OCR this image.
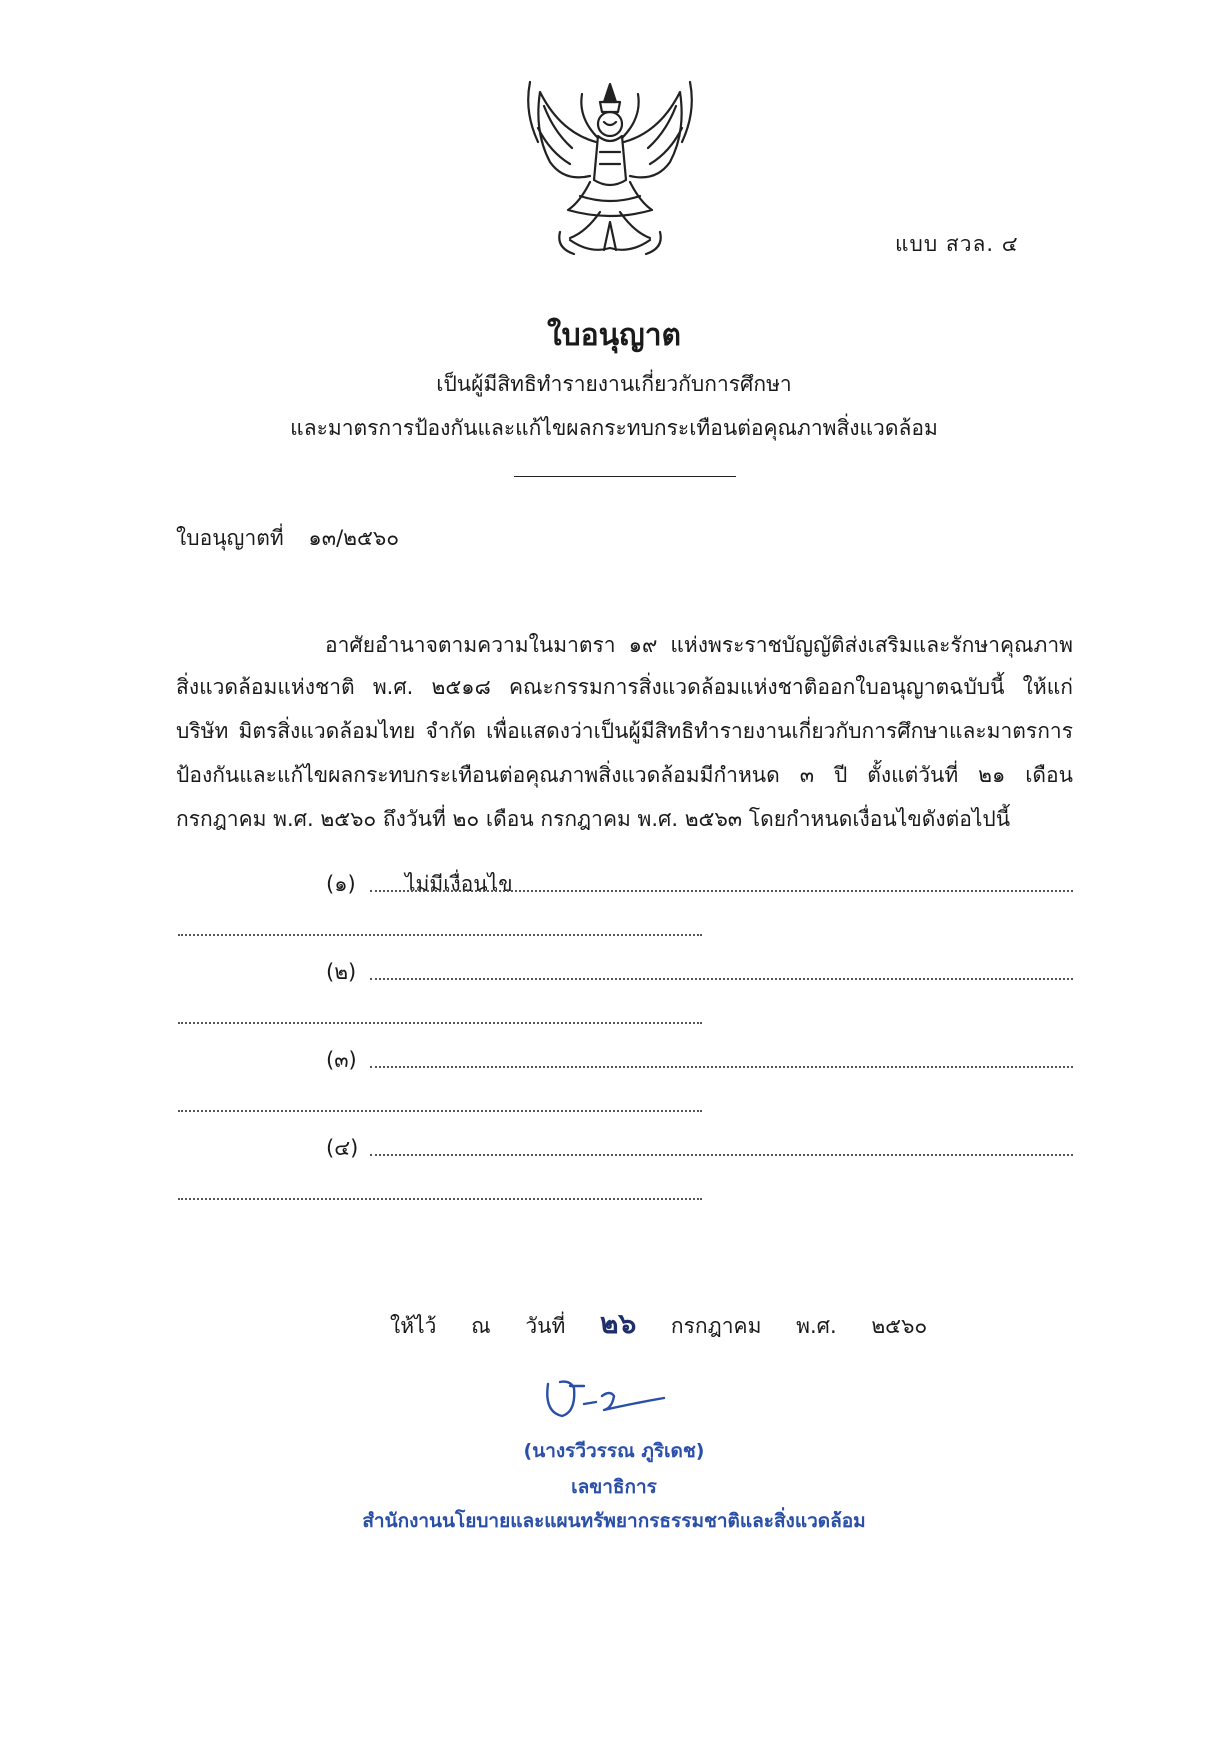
แบบ สวล. ๔
ใบอนุญาต
เป็นผู้มีสิทธิทำรายงานเกี่ยวกับการศึกษา
และมาตรการป้องกันและแก้ไขผลกระทบกระเทือนต่อคุณภาพสิ่งแวดล้อม
ใบอนุญาตที่ ๑๓/๒๕๖๐
อาศัยอำนาจตามความในมาตรา ๑๙ แห่งพระราชบัญญัติส่งเสริมและรักษาคุณภาพ
สิ่งแวดล้อมแห่งชาติ พ.ศ. ๒๕๑๘ คณะกรรมการสิ่งแวดล้อมแห่งชาติออกใบอนุญาตฉบับนี้ ให้แก่
บริษัท มิตรสิ่งแวดล้อมไทย จำกัด เพื่อแสดงว่าเป็นผู้มีสิทธิทำรายงานเกี่ยวกับการศึกษาและมาตรการ
ป้องกันและแก้ไขผลกระทบกระเทือนต่อคุณภาพสิ่งแวดล้อมมีกำหนด ๓ ปี ตั้งแต่วันที่ ๒๑ เดือน
กรกฎาคม พ.ศ. ๒๕๖๐ ถึงวันที่ ๒๐ เดือน กรกฎาคม พ.ศ. ๒๕๖๓ โดยกำหนดเงื่อนไขดังต่อไปนี้
(๑) ไม่มีเงื่อนไข
(๒)
(๓)
(๔)
ให้ไว้ ณ วันที่ ๒๖ กรกฎาคม พ.ศ. ๒๕๖๐
(นางรวีวรรณ ภูริเดช)
เลขาธิการ
สำนักงานนโยบายและแผนทรัพยากรธรรมชาติและสิ่งแวดล้อม
